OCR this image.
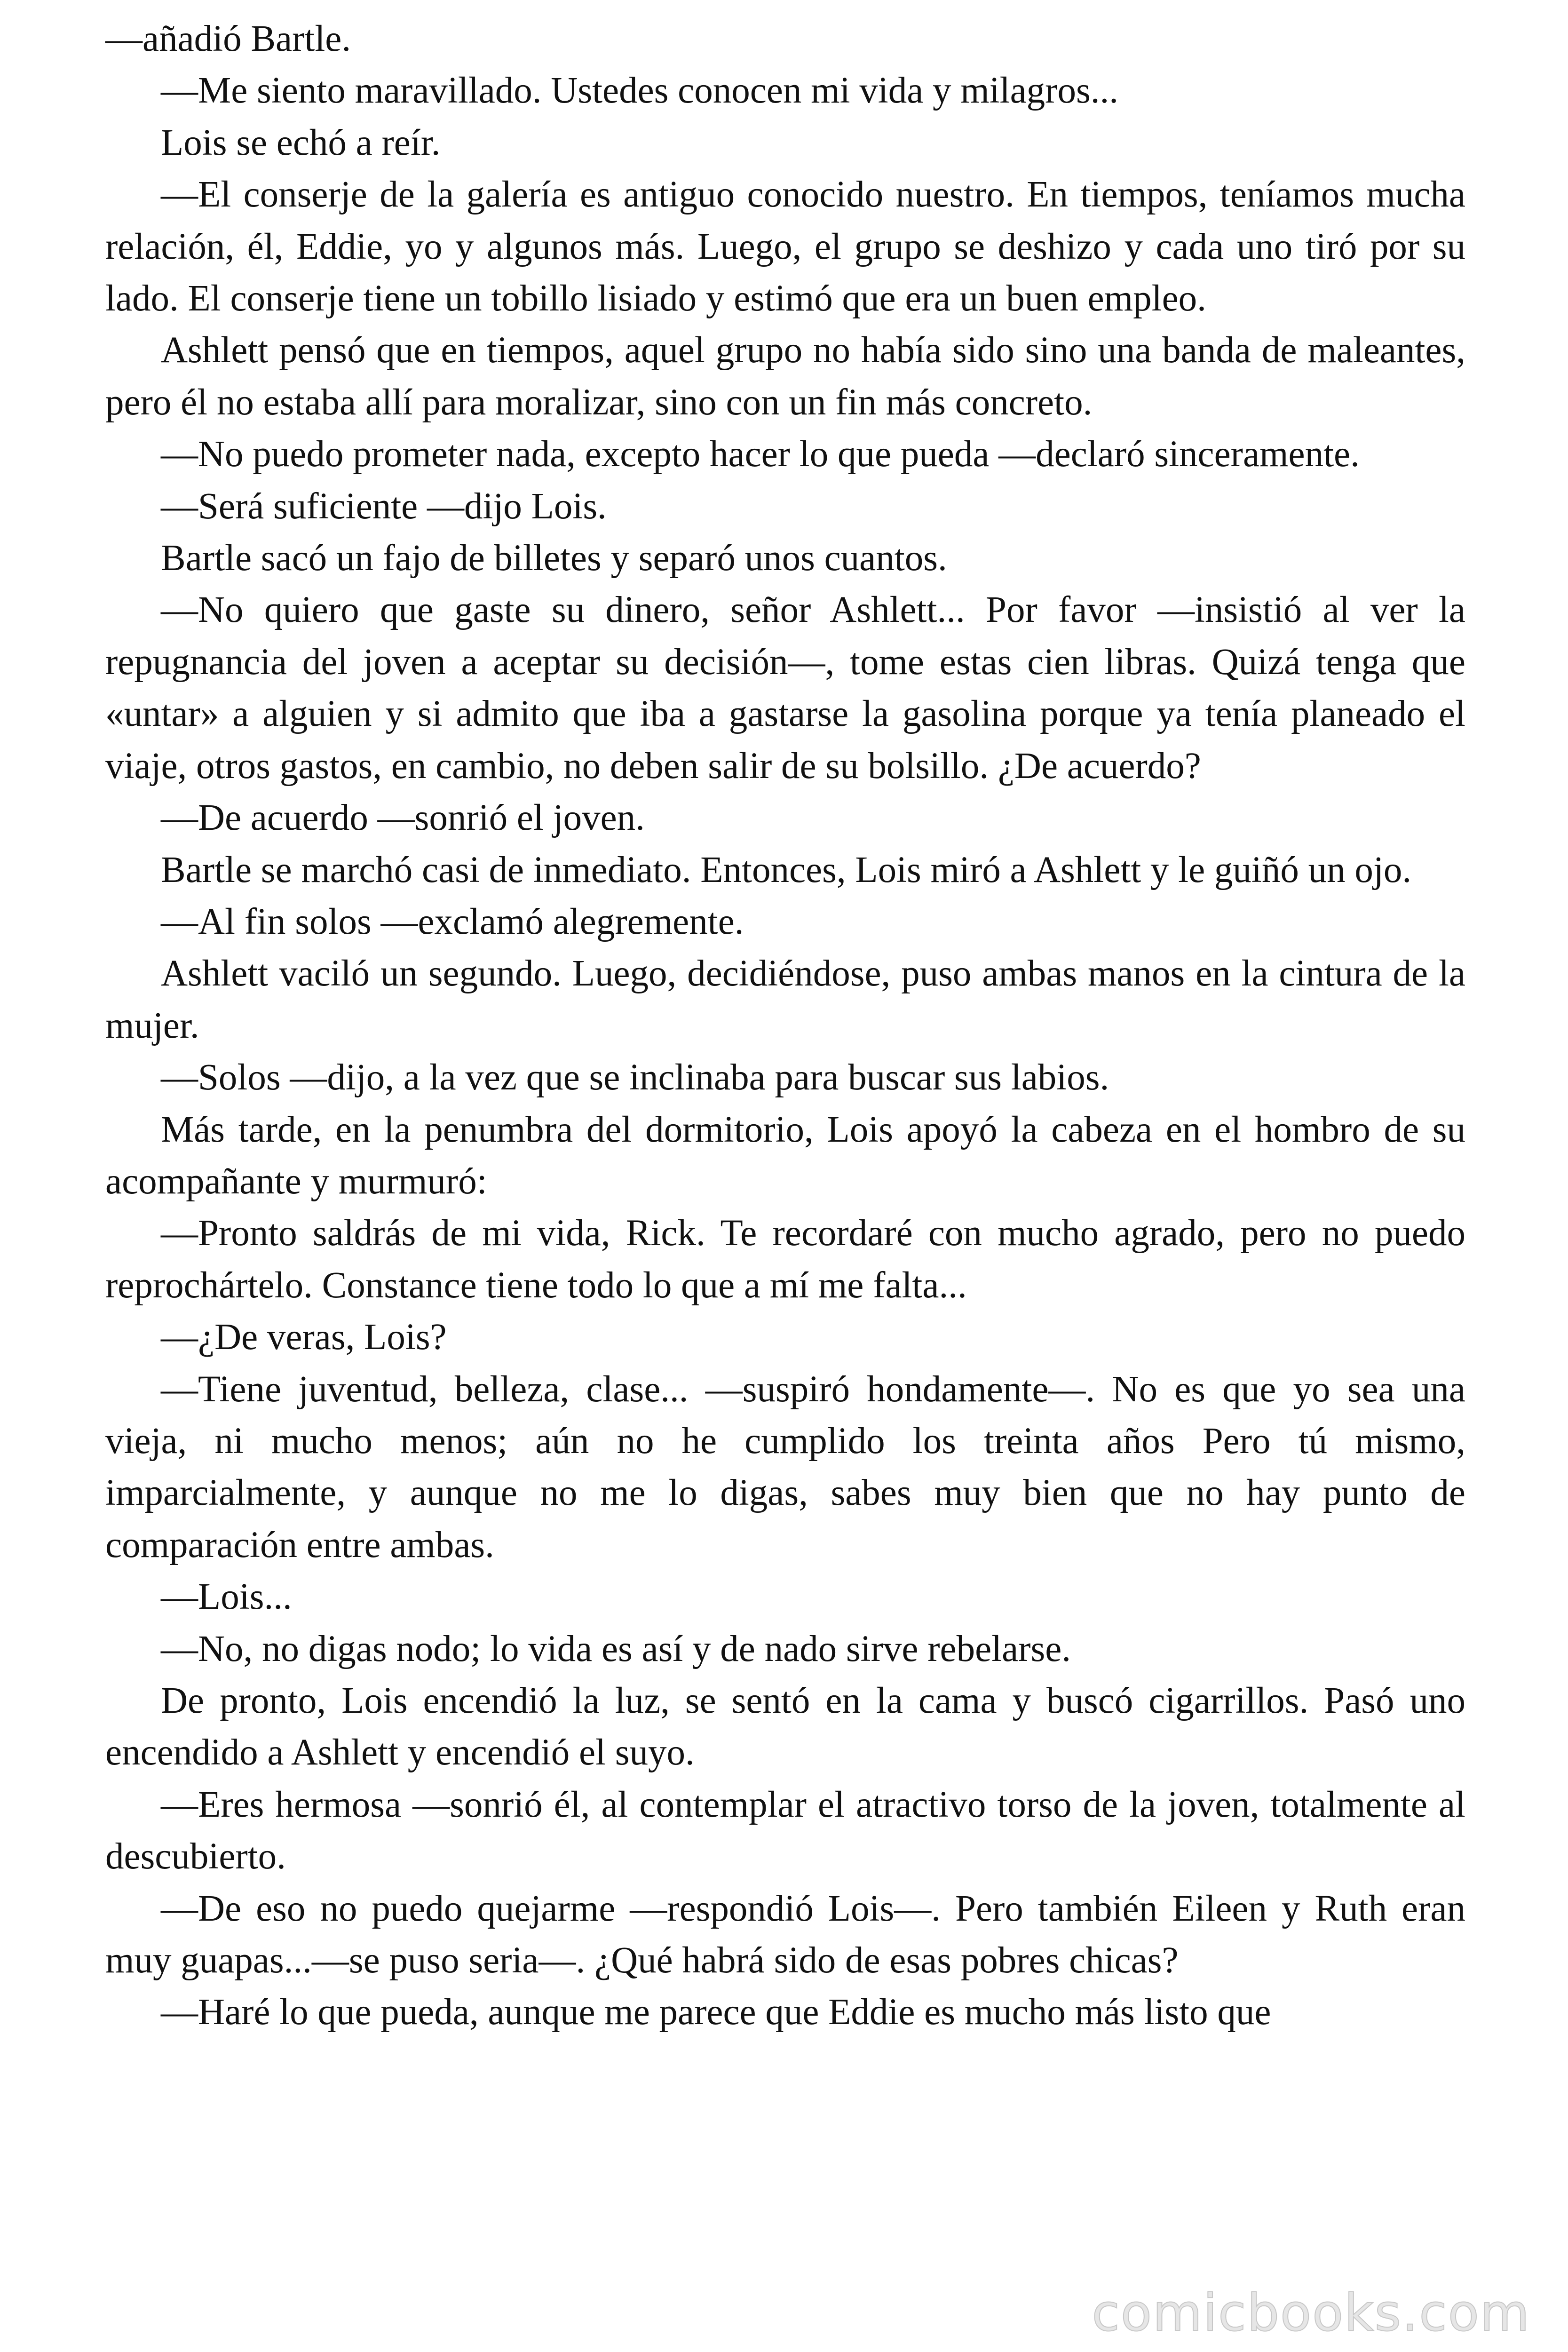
—añadió Bartle.

—Me siento maravillado. Ustedes conocen mi vida y milagros...

Lois se echó a reír.

—El conserje de la galería es antiguo conocido nuestro. En tiempos, teníamos mucha relación, él, Eddie, yo y algunos más. Luego, el grupo se deshizo y cada uno tiró por su lado. El conserje tiene un tobillo lisiado y estimó que era un buen empleo.

Ashlett pensó que en tiempos, aquel grupo no había sido sino una banda de maleantes, pero él no estaba allí para moralizar, sino con un fin más concreto.

—No puedo prometer nada, excepto hacer lo que pueda —declaró sinceramente.

—Será suficiente —dijo Lois.

Bartle sacó un fajo de billetes y separó unos cuantos.

—No quiero que gaste su dinero, señor Ashlett... Por favor —insistió al ver la repugnancia del joven a aceptar su decisión—, tome estas cien libras. Quizá tenga que «untar» a alguien y si admito que iba a gastarse la gasolina porque ya tenía planeado el viaje, otros gastos, en cambio, no deben salir de su bolsillo. ¿De acuerdo?

—De acuerdo —sonrió el joven.

Bartle se marchó casi de inmediato. Entonces, Lois miró a Ashlett y le guiñó un ojo.

—Al fin solos —exclamó alegremente.

Ashlett vaciló un segundo. Luego, decidiéndose, puso ambas manos en la cintura de la mujer.

—Solos —dijo, a la vez que se inclinaba para buscar sus labios.

Más tarde, en la penumbra del dormitorio, Lois apoyó la cabeza en el hombro de su acompañante y murmuró:

—Pronto saldrás de mi vida, Rick. Te recordaré con mucho agrado, pero no puedo reprochártelo. Constance tiene todo lo que a mí me falta...

—¿De veras, Lois?

—Tiene juventud, belleza, clase... —suspiró hondamente—. No es que yo sea una vieja, ni mucho menos; aún no he cumplido los treinta años Pero tú mismo, imparcialmente, y aunque no me lo digas, sabes muy bien que no hay punto de comparación entre ambas.

—Lois...

—No, no digas nodo; lo vida es así y de nado sirve rebelarse.

De pronto, Lois encendió la luz, se sentó en la cama y buscó cigarrillos. Pasó uno encendido a Ashlett y encendió el suyo.

—Eres hermosa —sonrió él, al contemplar el atractivo torso de la joven, totalmente al descubierto.

—De eso no puedo quejarme —respondió Lois—. Pero también Eileen y Ruth eran muy guapas...—se puso seria—. ¿Qué habrá sido de esas pobres chicas?

—Haré lo que pueda, aunque me parece que Eddie es mucho más listo que

comicbooks.com
